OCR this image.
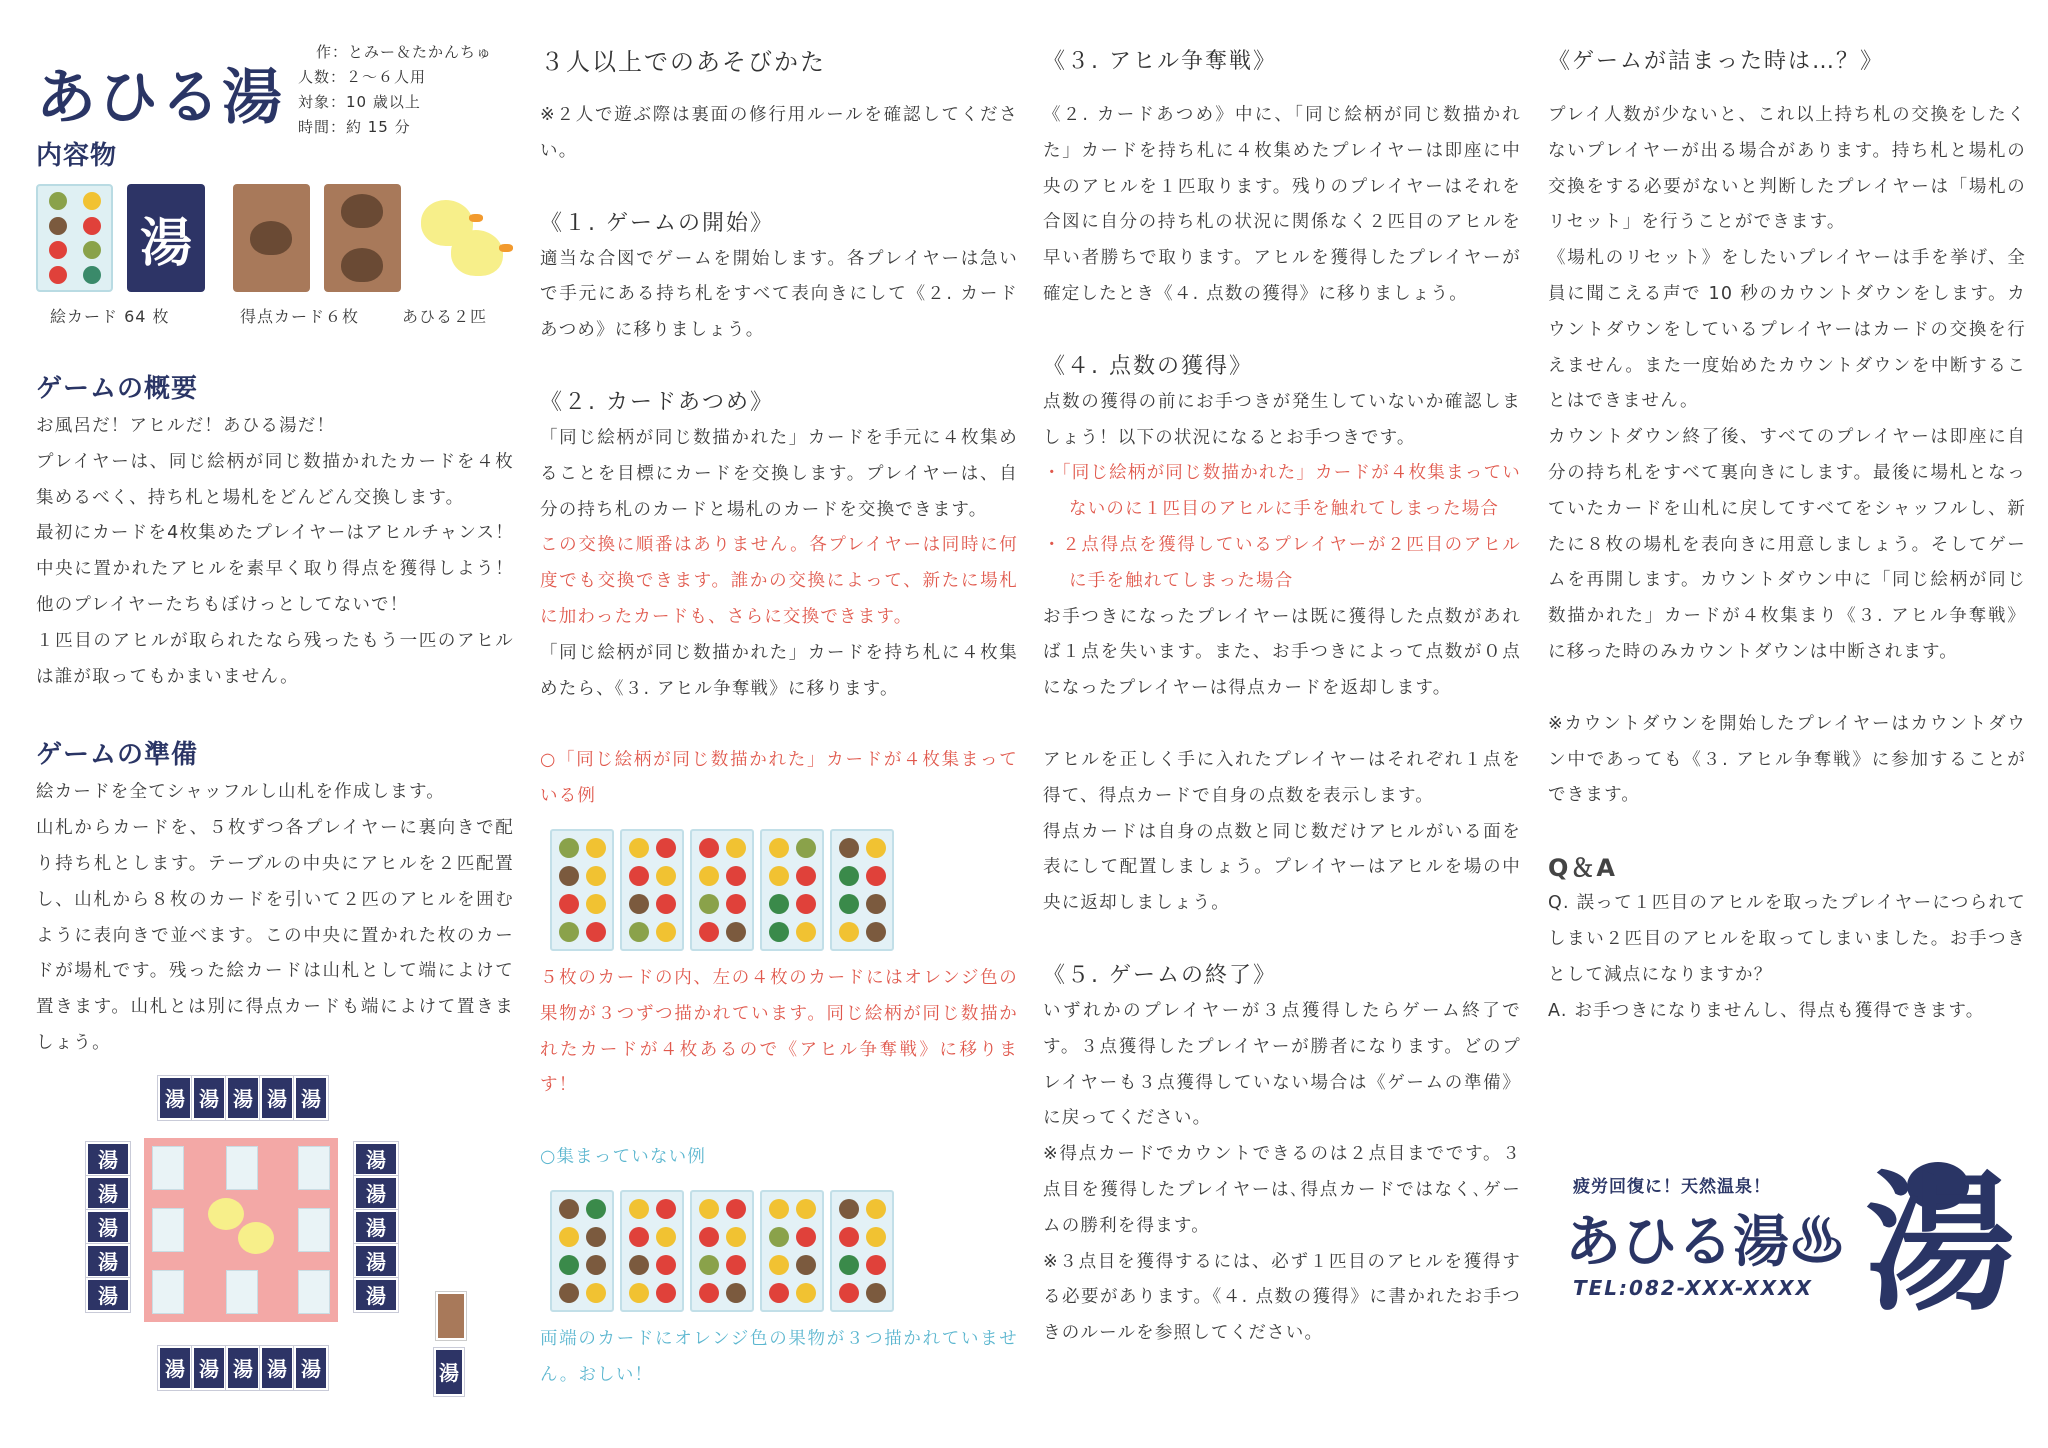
あひる湯
作：とみー＆たかんちゅ
人数：２〜６人用
対象：10 歳以上
時間：約 15 分
内容物
湯
絵カード 64 枚	得点カード６枚	あひる２匹
ゲームの概要

お風呂だ！アヒルだ！あひる湯だ！

プレイヤーは、同じ絵柄が同じ数描かれたカードを４枚集めるべく、持ち札と場札をどんどん交換します。

最初にカードを4枚集めたプレイヤーはアヒルチャンス！中央に置かれたアヒルを素早く取り得点を獲得しよう！他のプレイヤーたちもぼけっとしてないで！

１匹目のアヒルが取られたなら残ったもう一匹のアヒルは誰が取ってもかまいません。

ゲームの準備

絵カードを全てシャッフルし山札を作成します。

山札からカードを、５枚ずつ各プレイヤーに裏向きで配り持ち札とします。テーブルの中央にアヒルを２匹配置し、山札から８枚のカードを引いて２匹のアヒルを囲むように表向きで並べます。この中央に置かれた枚のカードが場札です。残った絵カードは山札として端によけて置きます。山札とは別に得点カードも端によけて置きましょう。

湯 湯 湯 湯 湯
湯
湯
湯
湯
湯
湯
湯
湯
湯
湯
湯 湯 湯 湯 湯	湯
３人以上でのあそびかた

※２人で遊ぶ際は裏面の修行用ルールを確認してください。

《１. ゲームの開始》

適当な合図でゲームを開始します。各プレイヤーは急いで手元にある持ち札をすべて表向きにして《２. カードあつめ》に移りましょう。

《２. カードあつめ》

「同じ絵柄が同じ数描かれた」カードを手元に４枚集めることを目標にカードを交換します。プレイヤーは、自分の持ち札のカードと場札のカードを交換できます。

この交換に順番はありません。各プレイヤーは同時に何度でも交換できます。誰かの交換によって、新たに場札に加わったカードも、さらに交換できます。

「同じ絵柄が同じ数描かれた」カードを持ち札に４枚集めたら、《３. アヒル争奪戦》に移ります。

○「同じ絵柄が同じ数描かれた」カードが４枚集まっている例

５枚のカードの内、左の４枚のカードにはオレンジ色の果物が３つずつ描かれています。同じ絵柄が同じ数描かれたカードが４枚あるので《アヒル争奪戦》に移ります！

○集まっていない例

両端のカードにオレンジ色の果物が３つ描かれていません。おしい！

《３. アヒル争奪戦》

《２. カードあつめ》中に、「同じ絵柄が同じ数描かれた」カードを持ち札に４枚集めたプレイヤーは即座に中央のアヒルを１匹取ります。残りのプレイヤーはそれを合図に自分の持ち札の状況に関係なく２匹目のアヒルを早い者勝ちで取ります。アヒルを獲得したプレイヤーが確定したとき《４. 点数の獲得》に移りましょう。

《４. 点数の獲得》

点数の獲得の前にお手つきが発生していないか確認しましょう！以下の状況になるとお手つきです。

・「同じ絵柄が同じ数描かれた」カードが４枚集まっていないのに１匹目のアヒルに手を触れてしまった場合

・２点得点を獲得しているプレイヤーが２匹目のアヒルに手を触れてしまった場合

お手つきになったプレイヤーは既に獲得した点数があれば１点を失います。また、お手つきによって点数が０点になったプレイヤーは得点カードを返却します。

アヒルを正しく手に入れたプレイヤーはそれぞれ１点を得て、得点カードで自身の点数を表示します。

得点カードは自身の点数と同じ数だけアヒルがいる面を表にして配置しましょう。プレイヤーはアヒルを場の中央に返却しましょう。

《５. ゲームの終了》

いずれかのプレイヤーが３点獲得したらゲーム終了です。３点獲得したプレイヤーが勝者になります。どのプレイヤーも３点獲得していない場合は《ゲームの準備》に戻ってください。

※得点カードでカウントできるのは２点目までです。３点目を獲得したプレイヤーは､得点カードではなく､ゲームの勝利を得ます。

※３点目を獲得するには、必ず１匹目のアヒルを獲得する必要があります。《４. 点数の獲得》に書かれたお手つきのルールを参照してください。

《ゲームが詰まった時は…？》

プレイ人数が少ないと、これ以上持ち札の交換をしたくないプレイヤーが出る場合があります。持ち札と場札の交換をする必要がないと判断したプレイヤーは「場札のリセット」を行うことができます。

《場札のリセット》をしたいプレイヤーは手を挙げ、全員に聞こえる声で 10 秒のカウントダウンをします。カウントダウンをしているプレイヤーはカードの交換を行えません。また一度始めたカウントダウンを中断することはできません。

カウントダウン終了後、すべてのプレイヤーは即座に自分の持ち札をすべて裏向きにします。最後に場札となっていたカードを山札に戻してすべてをシャッフルし、新たに８枚の場札を表向きに用意しましょう。そしてゲームを再開します。カウントダウン中に「同じ絵柄が同じ数描かれた」カードが４枚集まり《３. アヒル争奪戦》に移った時のみカウントダウンは中断されます。

※カウントダウンを開始したプレイヤーはカウントダウン中であっても《３. アヒル争奪戦》に参加することができます。

Q＆A

Q. 誤って１匹目のアヒルを取ったプレイヤーにつられてしまい２匹目のアヒルを取ってしまいました。お手つきとして減点になりますか？

A. お手つきになりませんし、得点も獲得できます。

疲労回復に！天然温泉！
あひる湯♨
TEL:082-XXX-XXXX 湯
